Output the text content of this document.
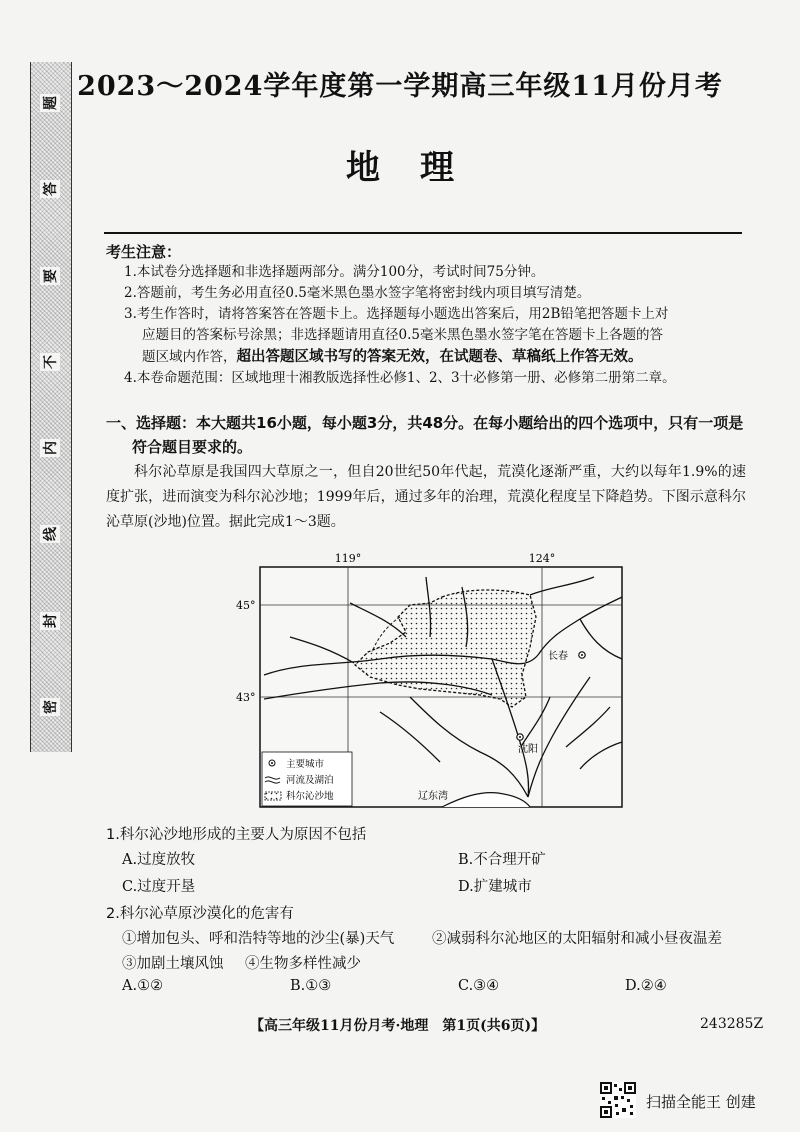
题
答
要
不
内
线
封
密
2023～2024学年度第一学期高三年级11月份月考
地理
考生注意：

1.本试卷分选择题和非选择题两部分。满分100分，考试时间75分钟。

2.答题前，考生务必用直径0.5毫米黑色墨水签字笔将密封线内项目填写清楚。

3.考生作答时，请将答案答在答题卡上。选择题每小题选出答案后，用2B铅笔把答题卡上对

应题目的答案标号涂黑；非选择题请用直径0.5毫米黑色墨水签字笔在答题卡上各题的答

题区域内作答，超出答题区域书写的答案无效，在试题卷、草稿纸上作答无效。

4.本卷命题范围：区域地理十湘教版选择性必修1、2、3十必修第一册、必修第二册第二章。

一、选择题：本大题共16小题，每小题3分，共48分。在每小题给出的四个选项中，只有一项是
符合题目要求的。

科尔沁草原是我国四大草原之一，但自20世纪50年代起，荒漠化逐渐严重，大约以每年1.9%的速度扩张，进而演变为科尔沁沙地；1999年后，通过多年的治理，荒漠化程度呈下降趋势。下图示意科尔沁草原(沙地)位置。据此完成1～3题。

119°	124°
45°
43°
长春
沈阳
辽东湾
主要城市
河流及湖泊
科尔沁沙地
1.科尔沁沙地形成的主要人为原因不包括
A.过度放牧	B.不合理开矿
C.过度开垦	D.扩建城市
2.科尔沁草原沙漠化的危害有
①增加包头、呼和浩特等地的沙尘(暴)天气	②减弱科尔沁地区的太阳辐射和减小昼夜温差
③加剧土壤风蚀 ④生物多样性减少
A.①②	B.①③	C.③④	D.②④
【高三年级11月份月考·地理　第1页(共6页)】	243285Z
扫描全能王 创建
